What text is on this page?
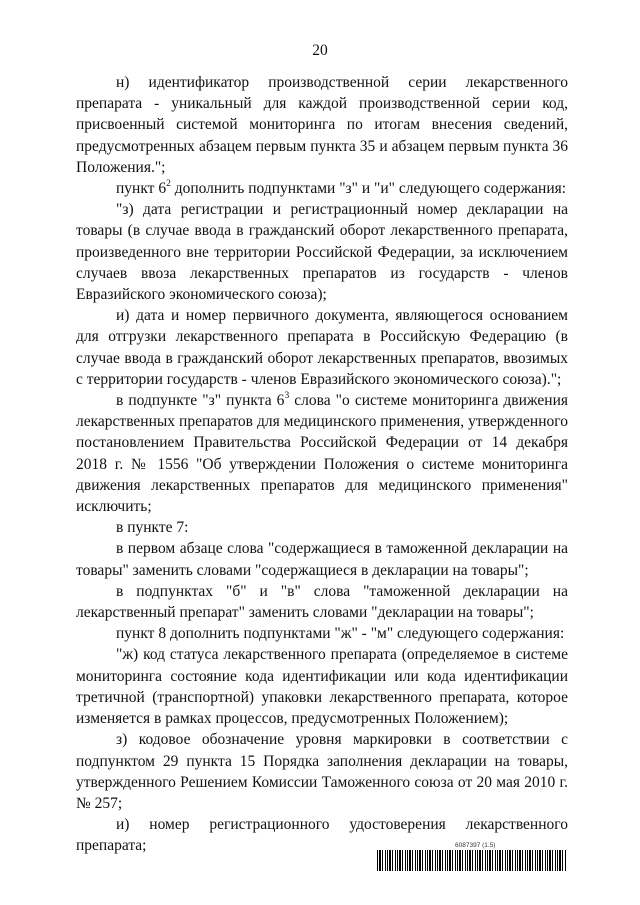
20

н) идентификатор производственной серии лекарственного препарата - уникальный для каждой производственной серии код, присвоенный системой мониторинга по итогам внесения сведений, предусмотренных абзацем первым пункта 35 и абзацем первым пункта 36 Положения.";

пункт $6^2$ дополнить подпунктами "з" и "и" следующего содержания:

"з) дата регистрации и регистрационный номер декларации на товары (в случае ввода в гражданский оборот лекарственного препарата, произведенного вне территории Российской Федерации, за исключением случаев ввоза лекарственных препаратов из государств - членов Евразийского экономического союза);

и) дата и номер первичного документа, являющегося основанием для отгрузки лекарственного препарата в Российскую Федерацию (в случае ввода в гражданский оборот лекарственных препаратов, ввозимых с территории государств - членов Евразийского экономического союза).";

в подпункте "з" пункта $6^3$ слова "о системе мониторинга движения лекарственных препаратов для медицинского применения, утвержденного постановлением Правительства Российской Федерации от 14 декабря 2018 г. № 1556 "Об утверждении Положения о системе мониторинга движения лекарственных препаратов для медицинского применения" исключить;

в пункте 7:

в первом абзаце слова "содержащиеся в таможенной декларации на товары" заменить словами "содержащиеся в декларации на товары";

в подпунктах "б" и "в" слова "таможенной декларации на лекарственный препарат" заменить словами "декларации на товары";

пункт 8 дополнить подпунктами "ж" - "м" следующего содержания:

"ж) код статуса лекарственного препарата (определяемое в системе мониторинга состояние кода идентификации или кода идентификации третичной (транспортной) упаковки лекарственного препарата, которое изменяется в рамках процессов, предусмотренных Положением);

з) кодовое обозначение уровня маркировки в соответствии с подпунктом 29 пункта 15 Порядка заполнения декларации на товары, утвержденного Решением Комиссии Таможенного союза от 20 мая 2010 г. № 257;

и) номер регистрационного удостоверения лекарственного препарата;	6087397 (1.5)
